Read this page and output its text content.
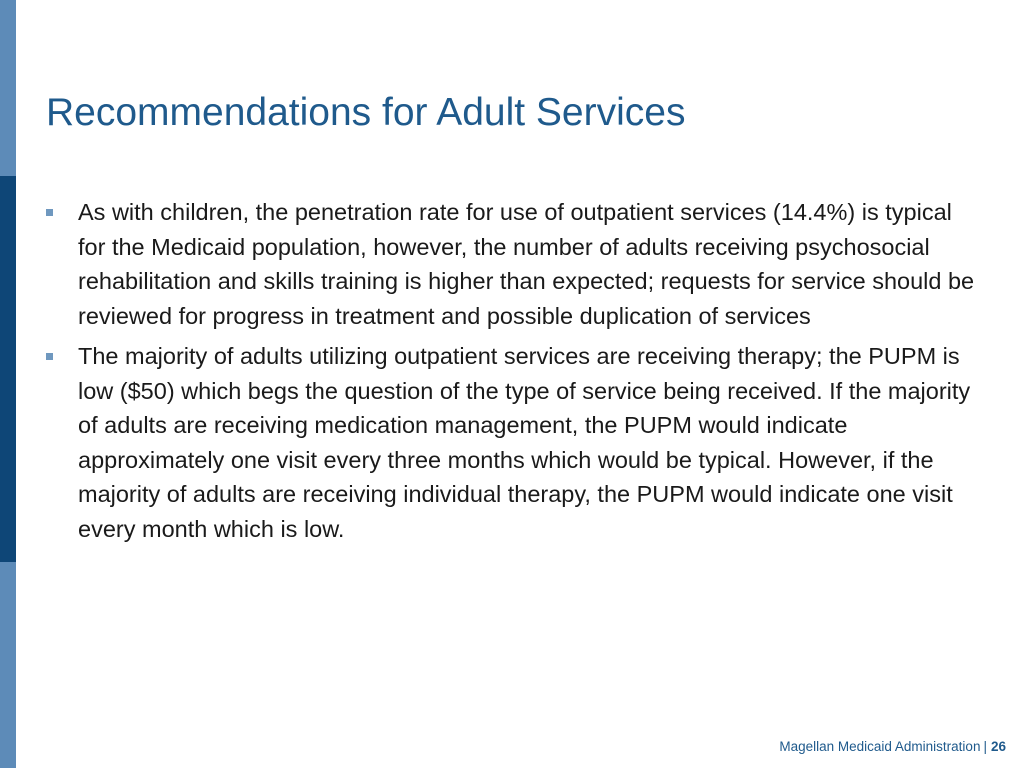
Recommendations for Adult Services
As with children, the penetration rate for use of outpatient services (14.4%) is typical for the Medicaid population, however, the number of adults receiving psychosocial rehabilitation and skills training is higher than expected; requests for service should be reviewed for progress in treatment and possible duplication of services
The majority of adults utilizing outpatient services are receiving therapy; the PUPM is low ($50) which begs the question of the type of service being received. If the majority of adults are receiving medication management, the PUPM would indicate approximately one visit every three months which would be typical. However, if the majority of adults are receiving individual therapy, the PUPM would indicate one visit every month which is low.
Magellan Medicaid Administration | 26
